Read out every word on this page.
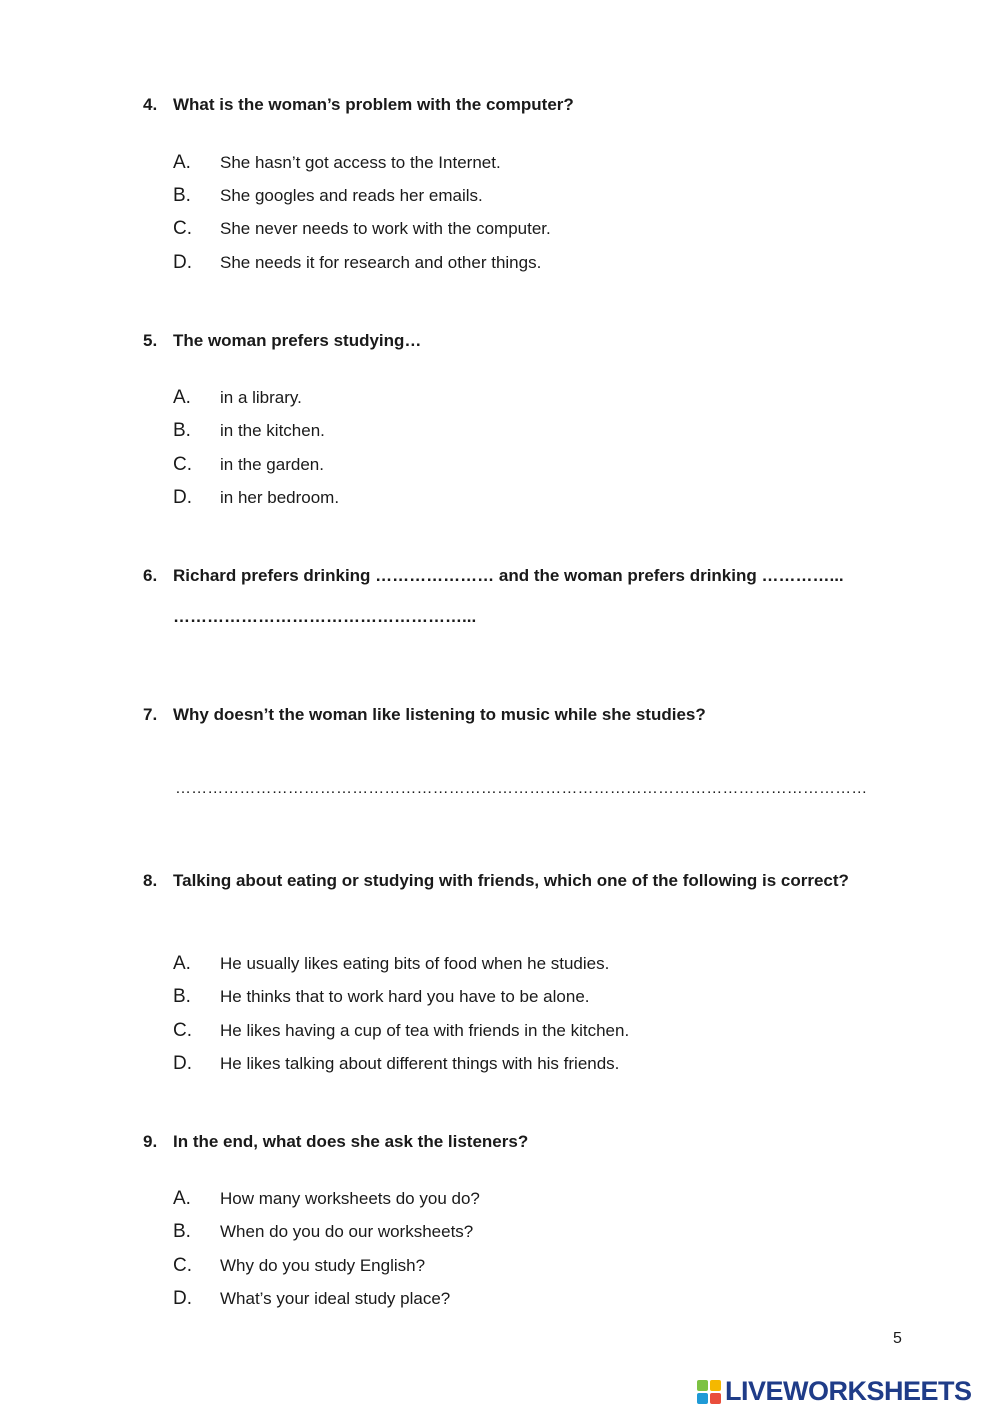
4. What is the woman’s problem with the computer?
A.	She hasn’t got access to the Internet.
B.	She googles and reads her emails.
C.	She never needs to work with the computer.
D.	She needs it for research and other things.
5. The woman prefers studying…
A.	in a library.
B.	in the kitchen.
C.	in the garden.
D.	in her bedroom.
6. Richard prefers drinking ………………… and the woman prefers drinking …………...
……………………………………………...
7. Why doesn’t the woman like listening to music while she studies?
…………………………………………………………………………………………………………………
8. Talking about eating or studying with friends, which one of the following is correct?
A.	He usually likes eating bits of food when he studies.
B.	He thinks that to work hard you have to be alone.
C.	He likes having a cup of tea with friends in the kitchen.
D.	He likes talking about different things with his friends.
9. In the end, what does she ask the listeners?
A.	How many worksheets do you do?
B.	When do you do our worksheets?
C.	Why do you study English?
D.	What’s your ideal study place?
5
LIVEWORKSHEETS
